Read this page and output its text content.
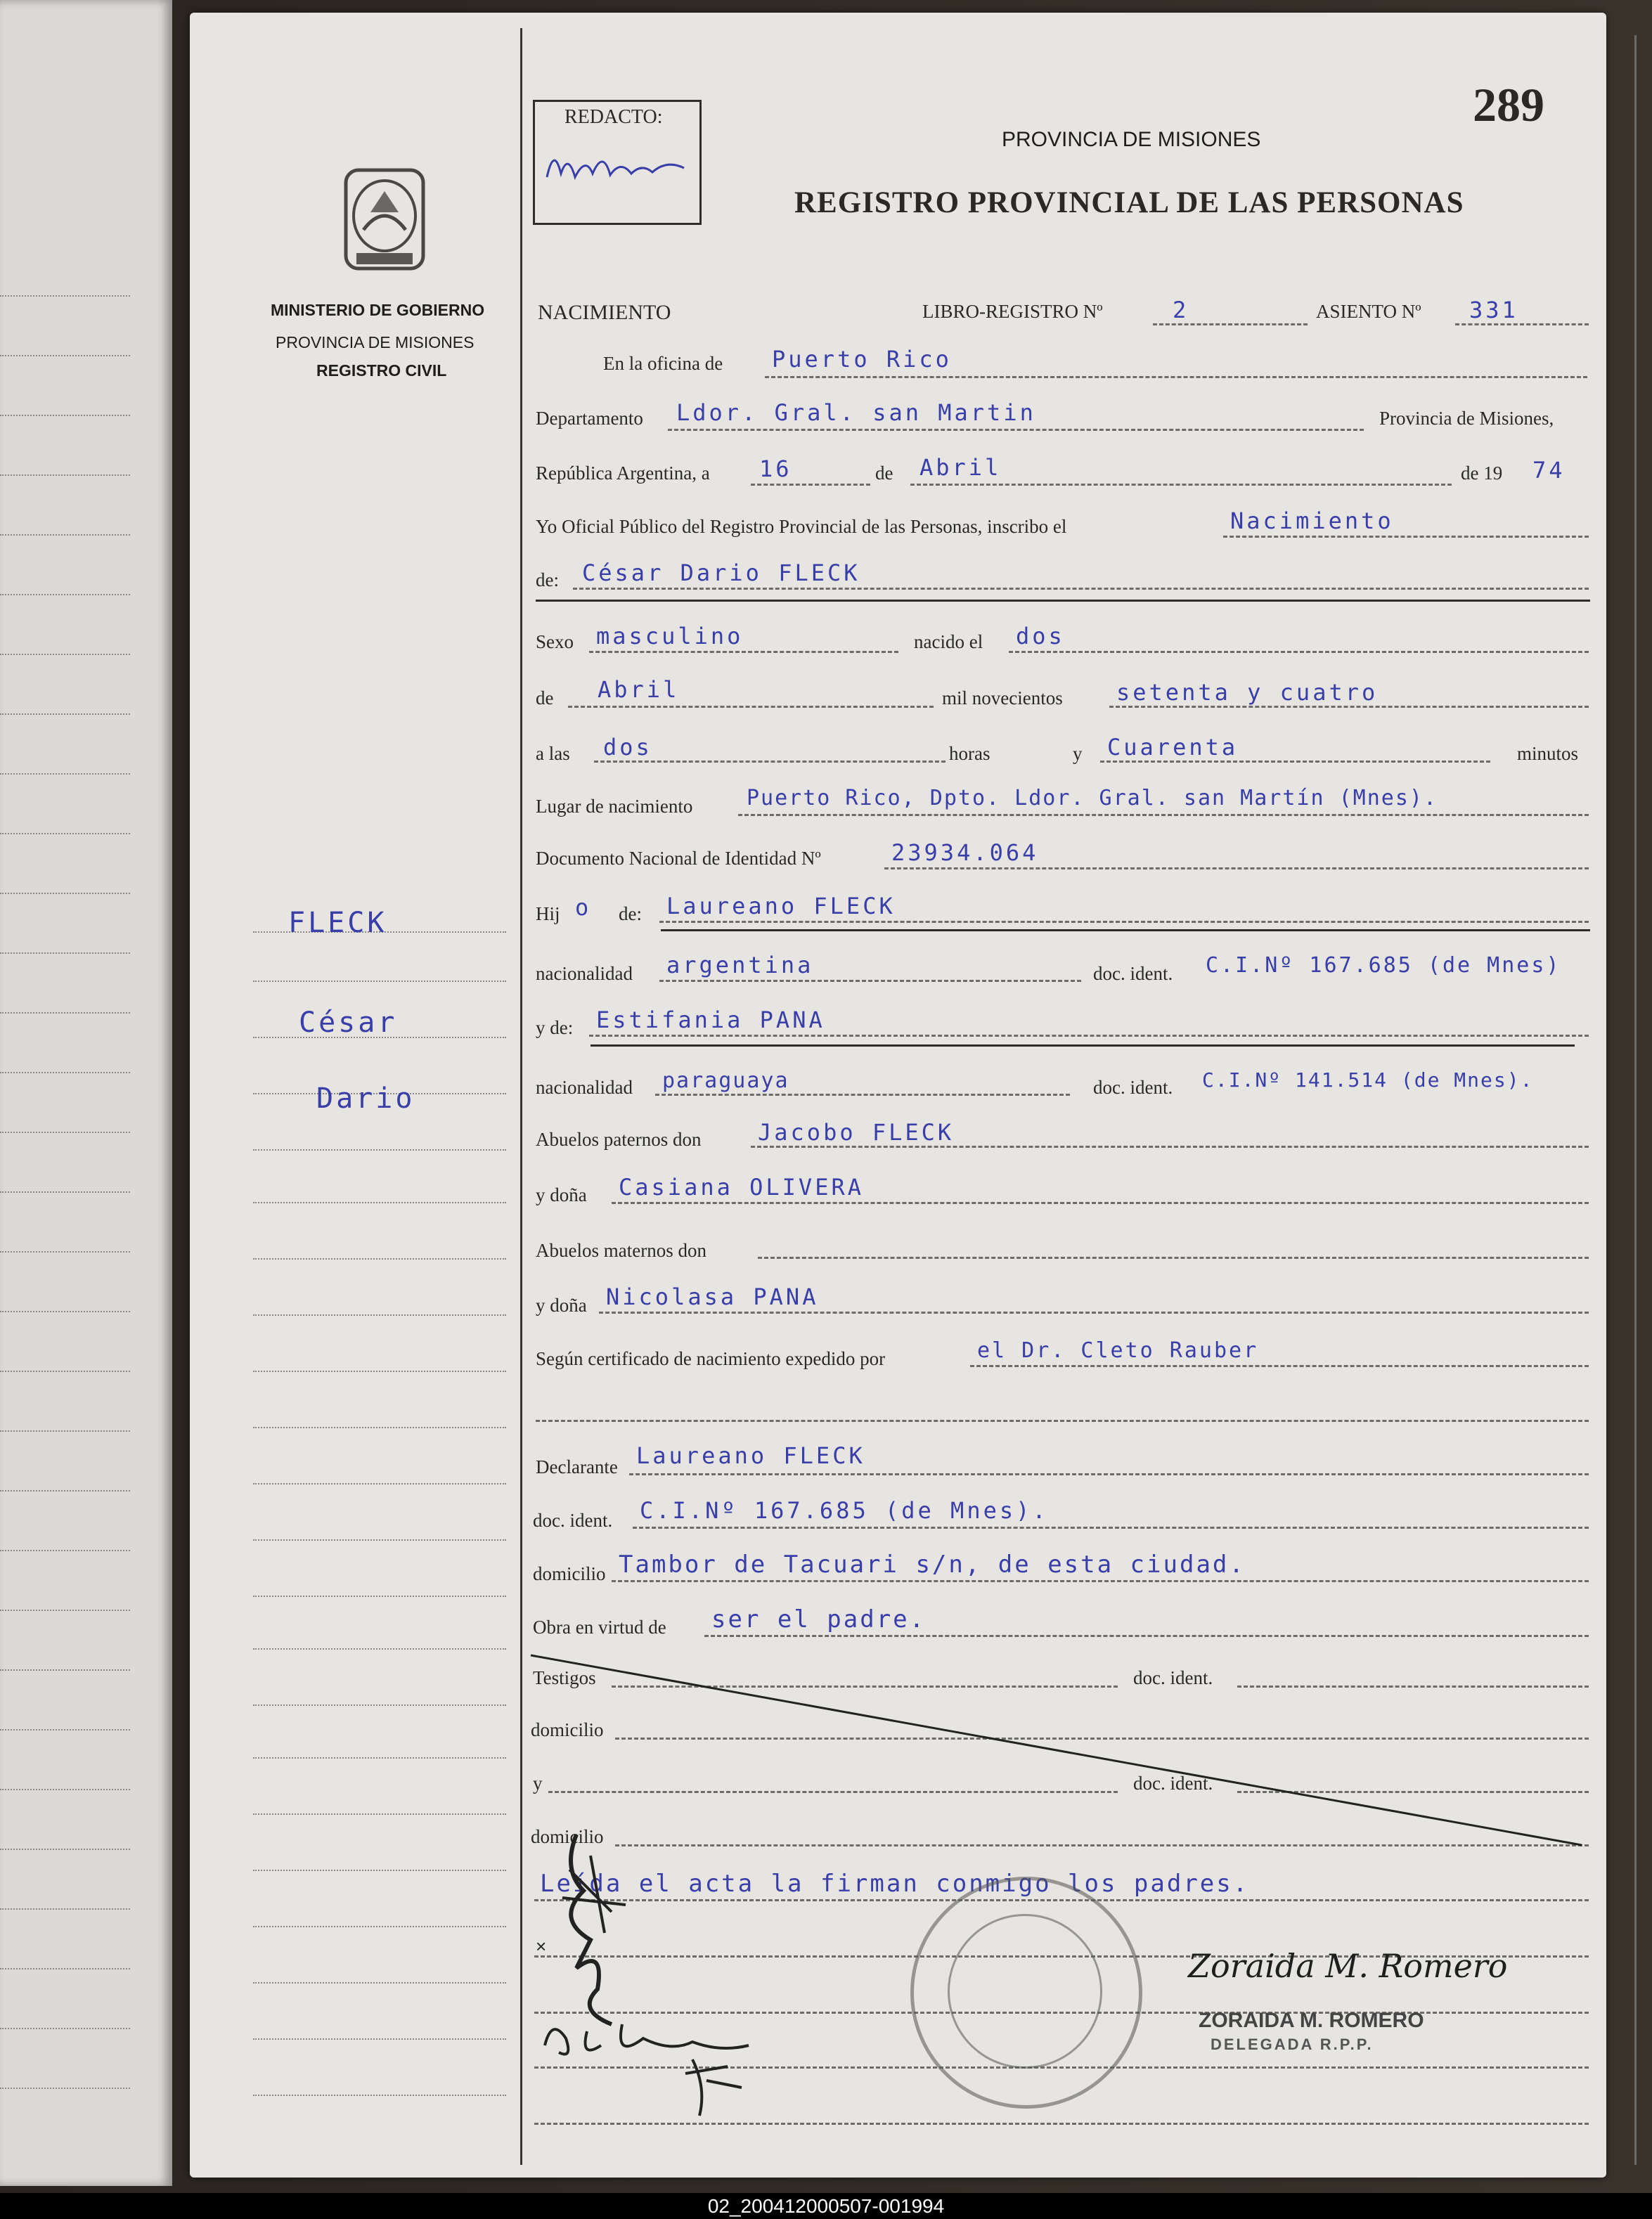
MINISTERIO DE GOBIERNO
PROVINCIA DE MISIONES
REGISTRO CIVIL
FLECK
César
Dario
REDACTO:	289
PROVINCIA DE MISIONES
REGISTRO PROVINCIAL DE LAS PERSONAS
NACIMIENTO	LIBRO-REGISTRO Nº	2	ASIENTO Nº 331
En la oficina de Puerto Rico
Departamento Ldor. Gral. san Martin	Provincia de Misiones,
República Argentina, a 16	de Abril	de 19 74
Yo Oficial Público del Registro Provincial de las Personas, inscribo el	Nacimiento
de: César Dario FLECK
Sexo masculino	nacido el dos
de Abril	mil novecientos setenta y cuatro
a las dos	horas	y Cuarenta	minutos
Lugar de nacimiento	Puerto Rico, Dpto. Ldor. Gral. san Martín (Mnes).
Documento Nacional de Identidad Nº	23934.064
Hij o de: Laureano FLECK
nacionalidad argentina	doc. ident. C.I.Nº 167.685 (de Mnes)
y de: Estifania PANA
nacionalidad paraguaya	doc. ident. C.I.Nº 141.514 (de Mnes).
Abuelos paternos don	Jacobo FLECK
y doña Casiana OLIVERA
Abuelos maternos don
y doña Nicolasa PANA
Según certificado de nacimiento expedido por	el Dr. Cleto Rauber
Declarante Laureano FLECK
doc. ident. C.I.Nº 167.685 (de Mnes).
domicilio Tambor de Tacuari s/n, de esta ciudad.
Obra en virtud de ser el padre.
Testigos	doc. ident.
domicilio
y	doc. ident.
domicilio
Leída el acta la firman conmigo los padres.
×
Zoraida M. Romero
ZORAIDA M. ROMERO
DELEGADA R.P.P.
02_200412000507-001994
